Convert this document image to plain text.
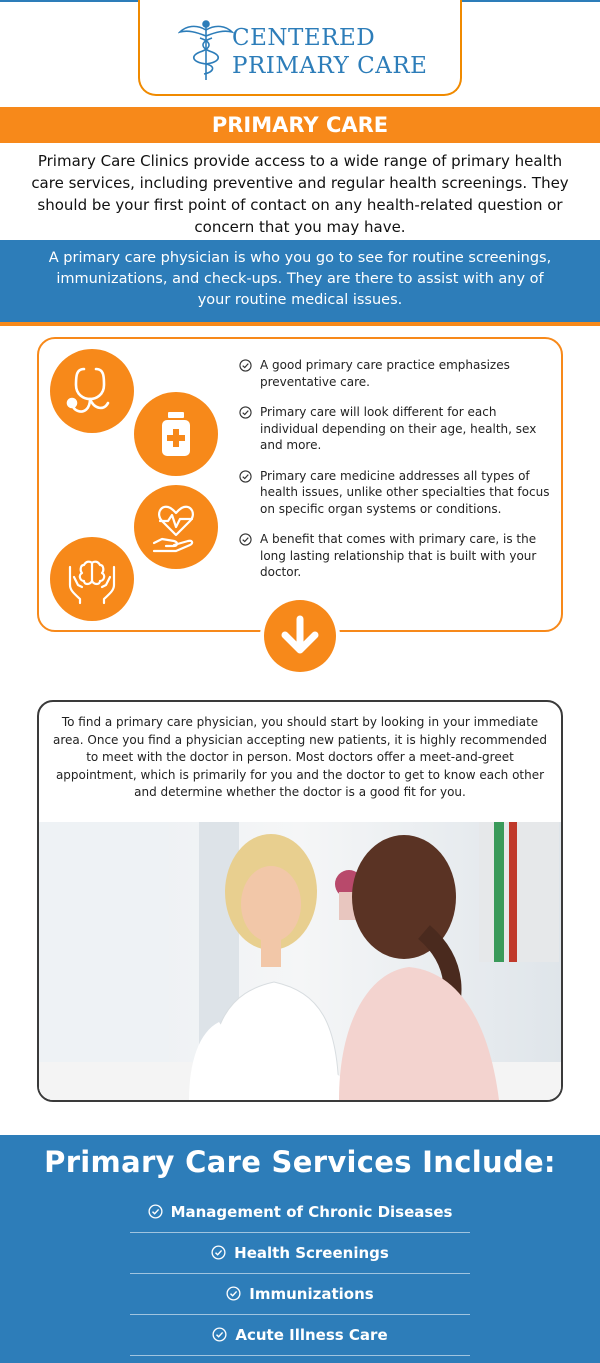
CENTERED
PRIMARY CARE
PRIMARY CARE

Primary Care Clinics provide access to a wide range of primary health care services, including preventive and regular health screenings. They should be your first point of contact on any health-related question or concern that you may have.

A primary care physician is who you go to see for routine screenings, immunizations, and check-ups. They are there to assist with any of your routine medical issues.

A good primary care practice emphasizes preventative care.
Primary care will look different for each individual depending on their age, health, sex and more.
Primary care medicine addresses all types of health issues, unlike other specialties that focus on specific organ systems or conditions.
A benefit that comes with primary care, is the long lasting relationship that is built with your doctor.

To find a primary care physician, you should start by looking in your immediate area. Once you find a physician accepting new patients, it is highly recommended to meet with the doctor in person. Most doctors offer a meet-and-greet appointment, which is primarily for you and the doctor to get to know each other and determine whether the doctor is a good fit for you.

Primary Care Services Include:
Management of Chronic Diseases
Health Screenings
Immunizations
Acute Illness Care
